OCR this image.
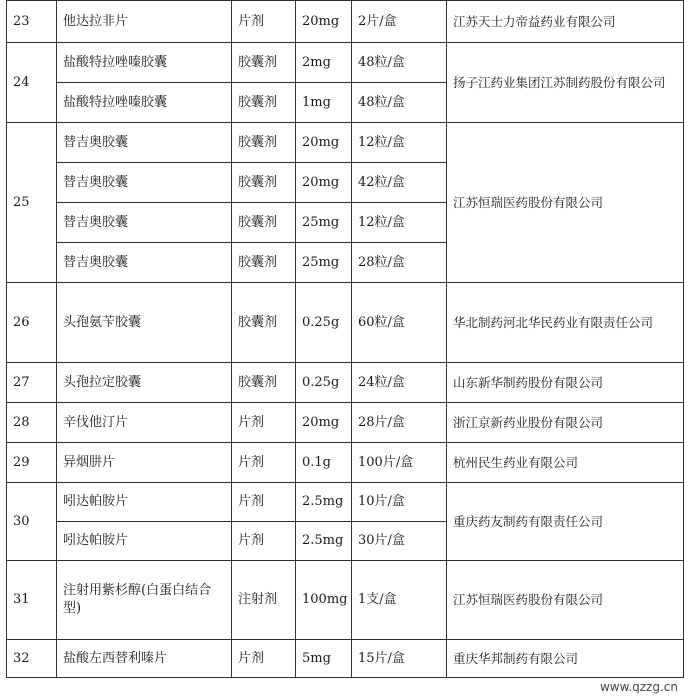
23	他达拉非片	片剂	20mg	2片/盒	江苏天士力帝益药业有限公司
24	盐酸特拉唑嗪胶囊	胶囊剂	2mg	48粒/盒	扬子江药业集团江苏制药股份有限公司
	盐酸特拉唑嗪胶囊	胶囊剂	1mg	48粒/盒	
25	替吉奥胶囊	胶囊剂	20mg	12粒/盒	江苏恒瑞医药股份有限公司
	替吉奥胶囊	胶囊剂	20mg	42粒/盒	
	替吉奥胶囊	胶囊剂	25mg	12粒/盒	
	替吉奥胶囊	胶囊剂	25mg	28粒/盒	
26	头孢氨苄胶囊	胶囊剂	0.25g	60粒/盒	华北制药河北华民药业有限责任公司
27	头孢拉定胶囊	胶囊剂	0.25g	24粒/盒	山东新华制药股份有限公司
28	辛伐他汀片	片剂	20mg	28片/盒	浙江京新药业股份有限公司
29	异烟肼片	片剂	0.1g	100片/盒	杭州民生药业有限公司
30	吲达帕胺片	片剂	2.5mg	10片/盒	重庆药友制药有限责任公司
	吲达帕胺片	片剂	2.5mg	30片/盒	
31	注射用紫杉醇(白蛋白结合型)	注射剂	100mg	1支/盒	江苏恒瑞医药股份有限公司
32	盐酸左西替利嗪片	片剂	5mg	15片/盒	重庆华邦制药有限公司
www.qzzg.cn
